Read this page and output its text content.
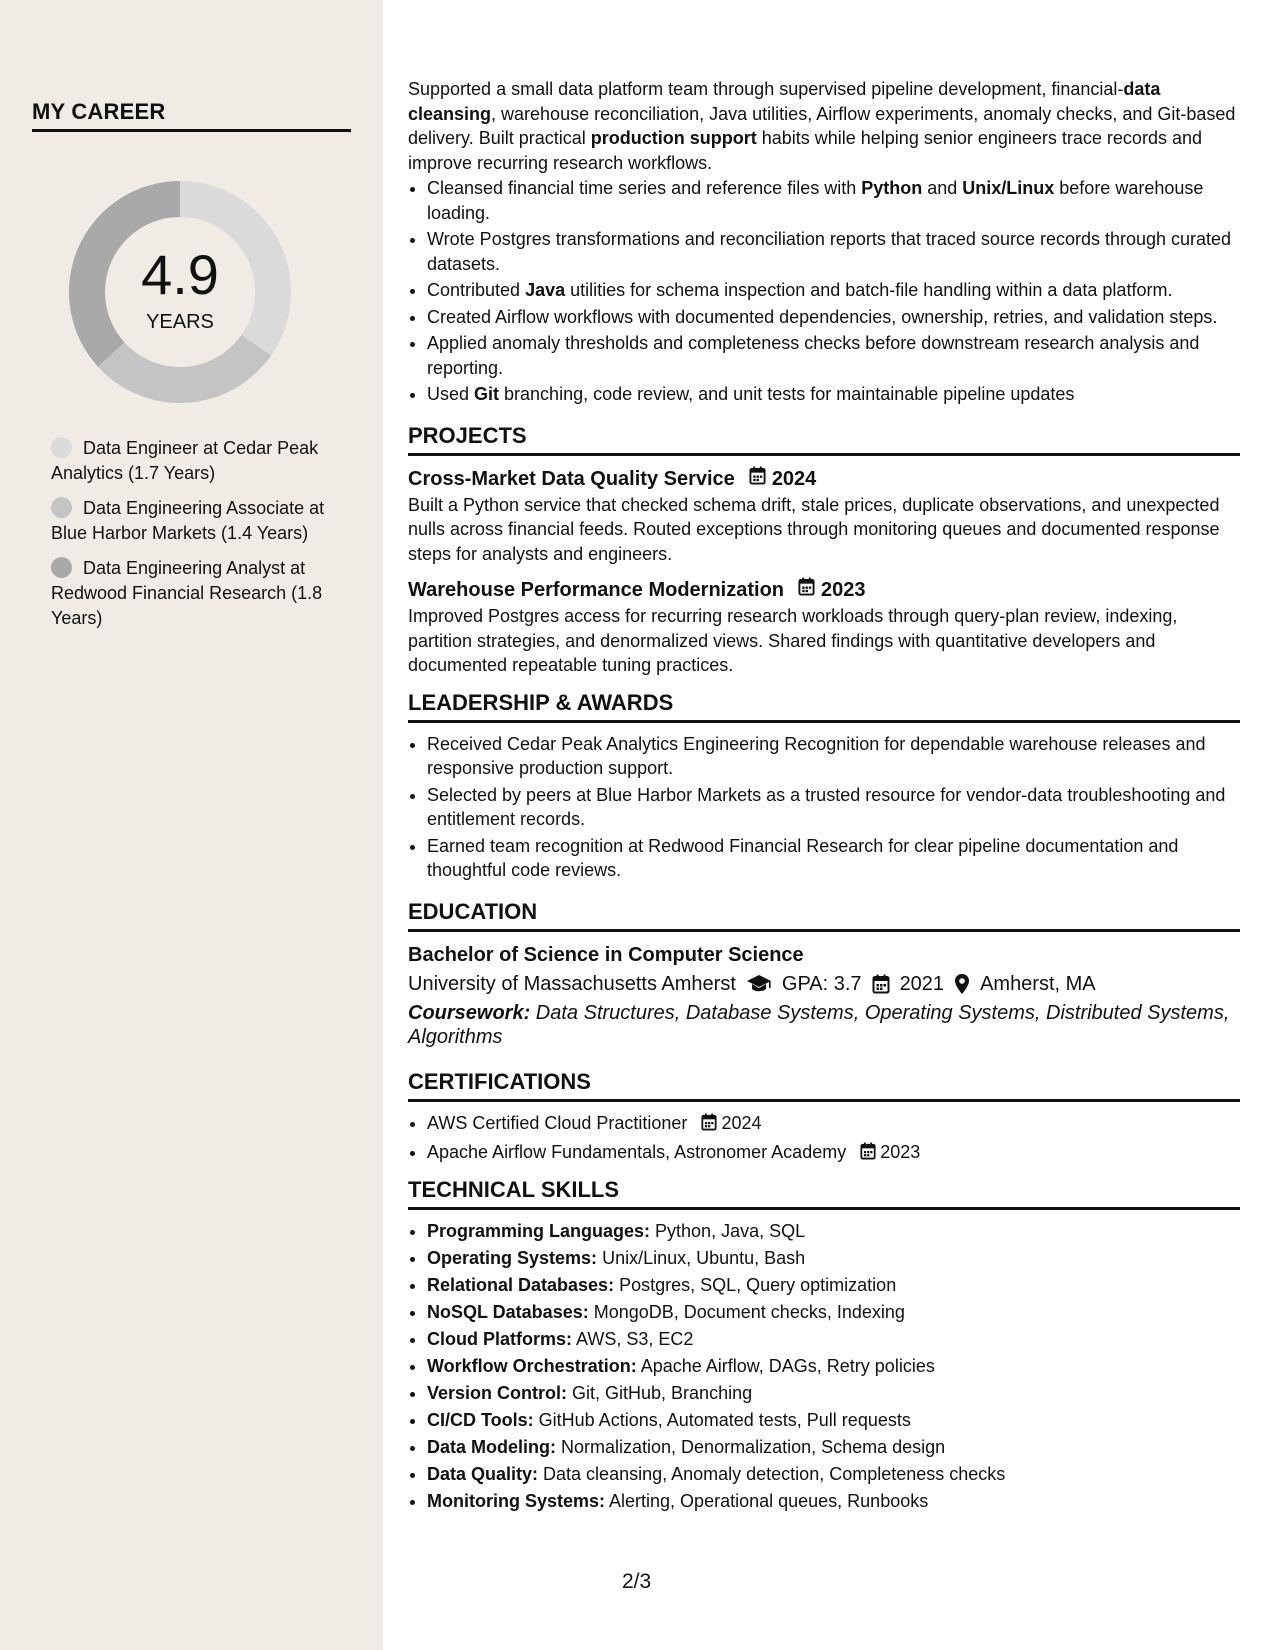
MY CAREER
4.9
YEARS
Data Engineer at Cedar Peak Analytics (1.7 Years)
Data Engineering Associate at Blue Harbor Markets (1.4 Years)
Data Engineering Analyst at Redwood Financial Research (1.8 Years)

Supported a small data platform team through supervised pipeline development, financial-data cleansing, warehouse reconciliation, Java utilities, Airflow experiments, anomaly checks, and Git-based delivery. Built practical production support habits while helping senior engineers trace records and improve recurring research workflows.

• Cleansed financial time series and reference files with Python and Unix/Linux before warehouse loading.
• Wrote Postgres transformations and reconciliation reports that traced source records through curated datasets.
• Contributed Java utilities for schema inspection and batch-file handling within a data platform.
• Created Airflow workflows with documented dependencies, ownership, retries, and validation steps.
• Applied anomaly thresholds and completeness checks before downstream research analysis and reporting.
• Used Git branching, code review, and unit tests for maintainable pipeline updates
PROJECTS
Cross-Market Data Quality Service 2024

Built a Python service that checked schema drift, stale prices, duplicate observations, and unexpected nulls across financial feeds. Routed exceptions through monitoring queues and documented response steps for analysts and engineers.

Warehouse Performance Modernization 2023

Improved Postgres access for recurring research workloads through query-plan review, indexing, partition strategies, and denormalized views. Shared findings with quantitative developers and documented repeatable tuning practices.

LEADERSHIP & AWARDS
• Received Cedar Peak Analytics Engineering Recognition for dependable warehouse releases and responsive production support.
• Selected by peers at Blue Harbor Markets as a trusted resource for vendor-data troubleshooting and entitlement records.
• Earned team recognition at Redwood Financial Research for clear pipeline documentation and thoughtful code reviews.
EDUCATION
Bachelor of Science in Computer Science
University of Massachusetts Amherst GPA: 3.7 2021 Amherst, MA

Coursework: Data Structures, Database Systems, Operating Systems, Distributed Systems, Algorithms

CERTIFICATIONS
• AWS Certified Cloud Practitioner 2024
• Apache Airflow Fundamentals, Astronomer Academy 2023
TECHNICAL SKILLS
• Programming Languages: Python, Java, SQL
• Operating Systems: Unix/Linux, Ubuntu, Bash
• Relational Databases: Postgres, SQL, Query optimization
• NoSQL Databases: MongoDB, Document checks, Indexing
• Cloud Platforms: AWS, S3, EC2
• Workflow Orchestration: Apache Airflow, DAGs, Retry policies
• Version Control: Git, GitHub, Branching
• CI/CD Tools: GitHub Actions, Automated tests, Pull requests
• Data Modeling: Normalization, Denormalization, Schema design
• Data Quality: Data cleansing, Anomaly detection, Completeness checks
• Monitoring Systems: Alerting, Operational queues, Runbooks
2/3
